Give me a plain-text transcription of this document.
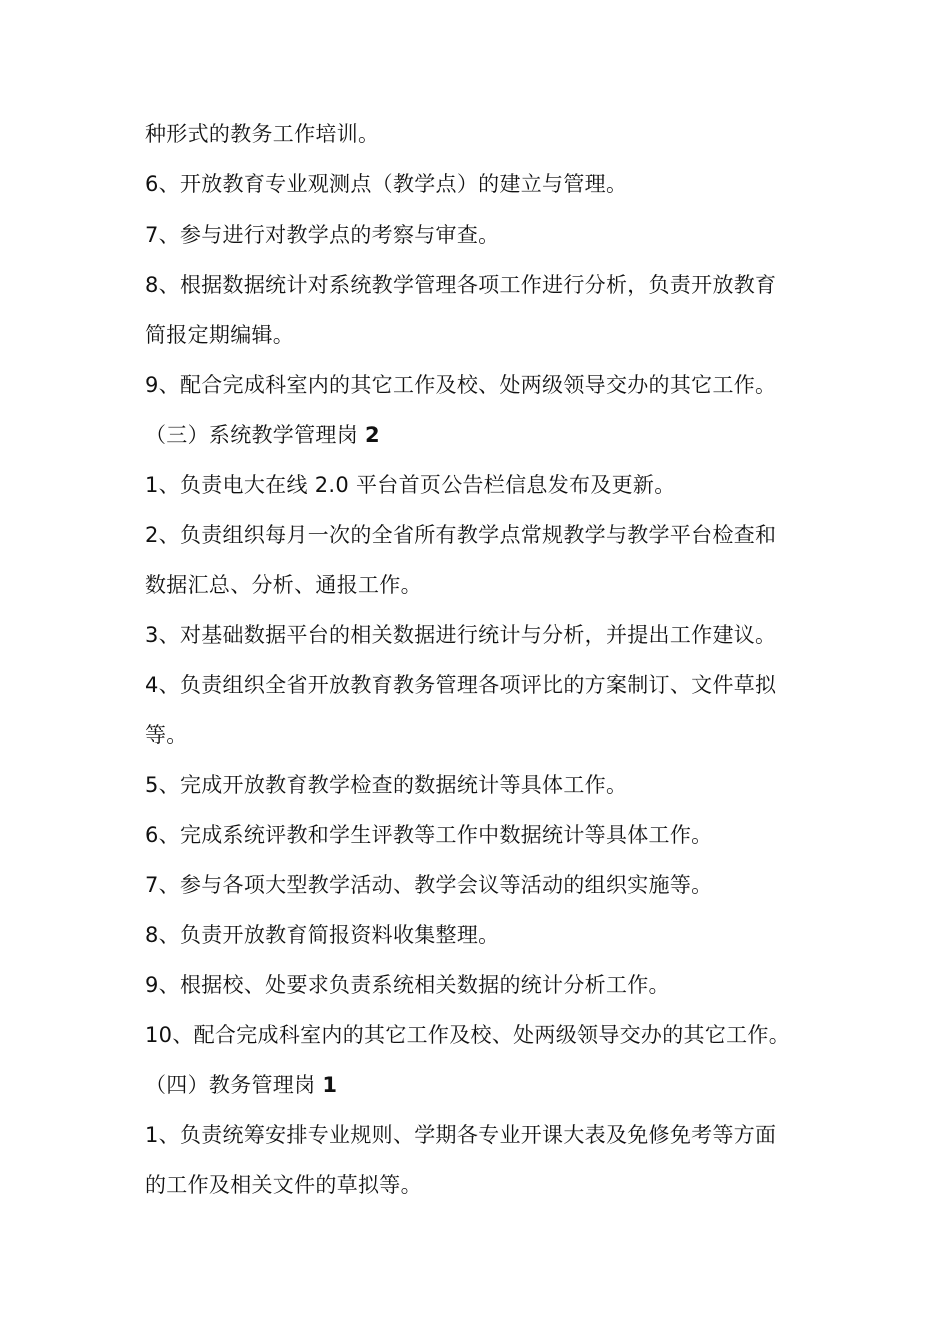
种形式的教务工作培训。
6、开放教育专业观测点（教学点）的建立与管理。
7、参与进行对教学点的考察与审查。
8、根据数据统计对系统教学管理各项工作进行分析，负责开放教育
简报定期编辑。
9、配合完成科室内的其它工作及校、处两级领导交办的其它工作。
（三）系统教学管理岗 2
1、负责电大在线 2.0 平台首页公告栏信息发布及更新。
2、负责组织每月一次的全省所有教学点常规教学与教学平台检查和
数据汇总、分析、通报工作。
3、对基础数据平台的相关数据进行统计与分析，并提出工作建议。
4、负责组织全省开放教育教务管理各项评比的方案制订、文件草拟
等。
5、完成开放教育教学检查的数据统计等具体工作。
6、完成系统评教和学生评教等工作中数据统计等具体工作。
7、参与各项大型教学活动、教学会议等活动的组织实施等。
8、负责开放教育简报资料收集整理。
9、根据校、处要求负责系统相关数据的统计分析工作。
10、配合完成科室内的其它工作及校、处两级领导交办的其它工作。
（四）教务管理岗 1
1、负责统筹安排专业规则、学期各专业开课大表及免修免考等方面
的工作及相关文件的草拟等。
